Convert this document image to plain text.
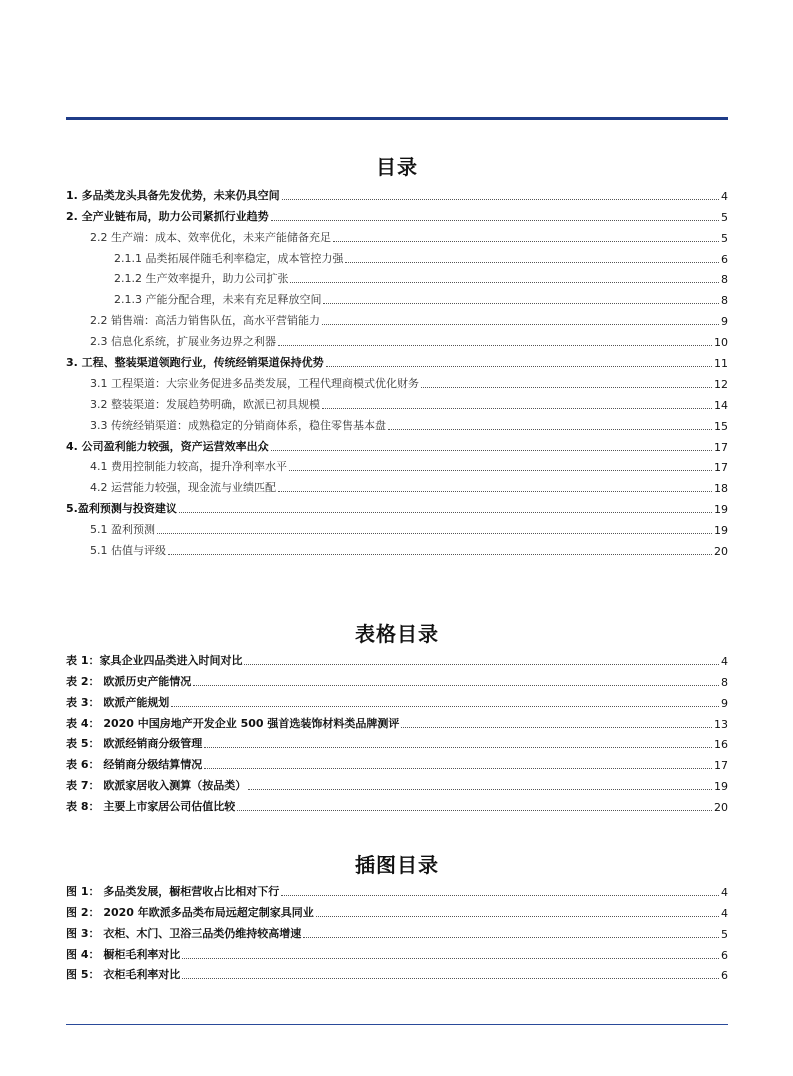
目录
1. 多品类龙头具备先发优势，未来仍具空间	4
2. 全产业链布局，助力公司紧抓行业趋势	5
2.2 生产端：成本、效率优化，未来产能储备充足	5
2.1.1 品类拓展伴随毛利率稳定，成本管控力强	6
2.1.2 生产效率提升，助力公司扩张	8
2.1.3 产能分配合理，未来有充足释放空间	8
2.2 销售端：高活力销售队伍，高水平营销能力	9
2.3 信息化系统，扩展业务边界之利器	10
3. 工程、整装渠道领跑行业，传统经销渠道保持优势	11
3.1 工程渠道：大宗业务促进多品类发展，工程代理商模式优化财务	12
3.2 整装渠道：发展趋势明确，欧派已初具规模	14
3.3 传统经销渠道：成熟稳定的分销商体系，稳住零售基本盘	15
4. 公司盈利能力较强，资产运营效率出众	17
4.1 费用控制能力较高，提升净利率水平	17
4.2 运营能力较强，现金流与业绩匹配	18
5.盈利预测与投资建议	19
5.1 盈利预测	19
5.1 估值与评级	20
表格目录
表 1：家具企业四品类进入时间对比	4
表 2： 欧派历史产能情况	8
表 3： 欧派产能规划	9
表 4： 2020 中国房地产开发企业 500 强首选装饰材料类品牌测评	13
表 5： 欧派经销商分级管理	16
表 6： 经销商分级结算情况	17
表 7： 欧派家居收入测算（按品类）	19
表 8： 主要上市家居公司估值比较	20
插图目录
图 1： 多品类发展，橱柜营收占比相对下行	4
图 2： 2020 年欧派多品类布局远超定制家具同业	4
图 3： 衣柜、木门、卫浴三品类仍维持较高增速	5
图 4： 橱柜毛利率对比	6
图 5： 衣柜毛利率对比	6
